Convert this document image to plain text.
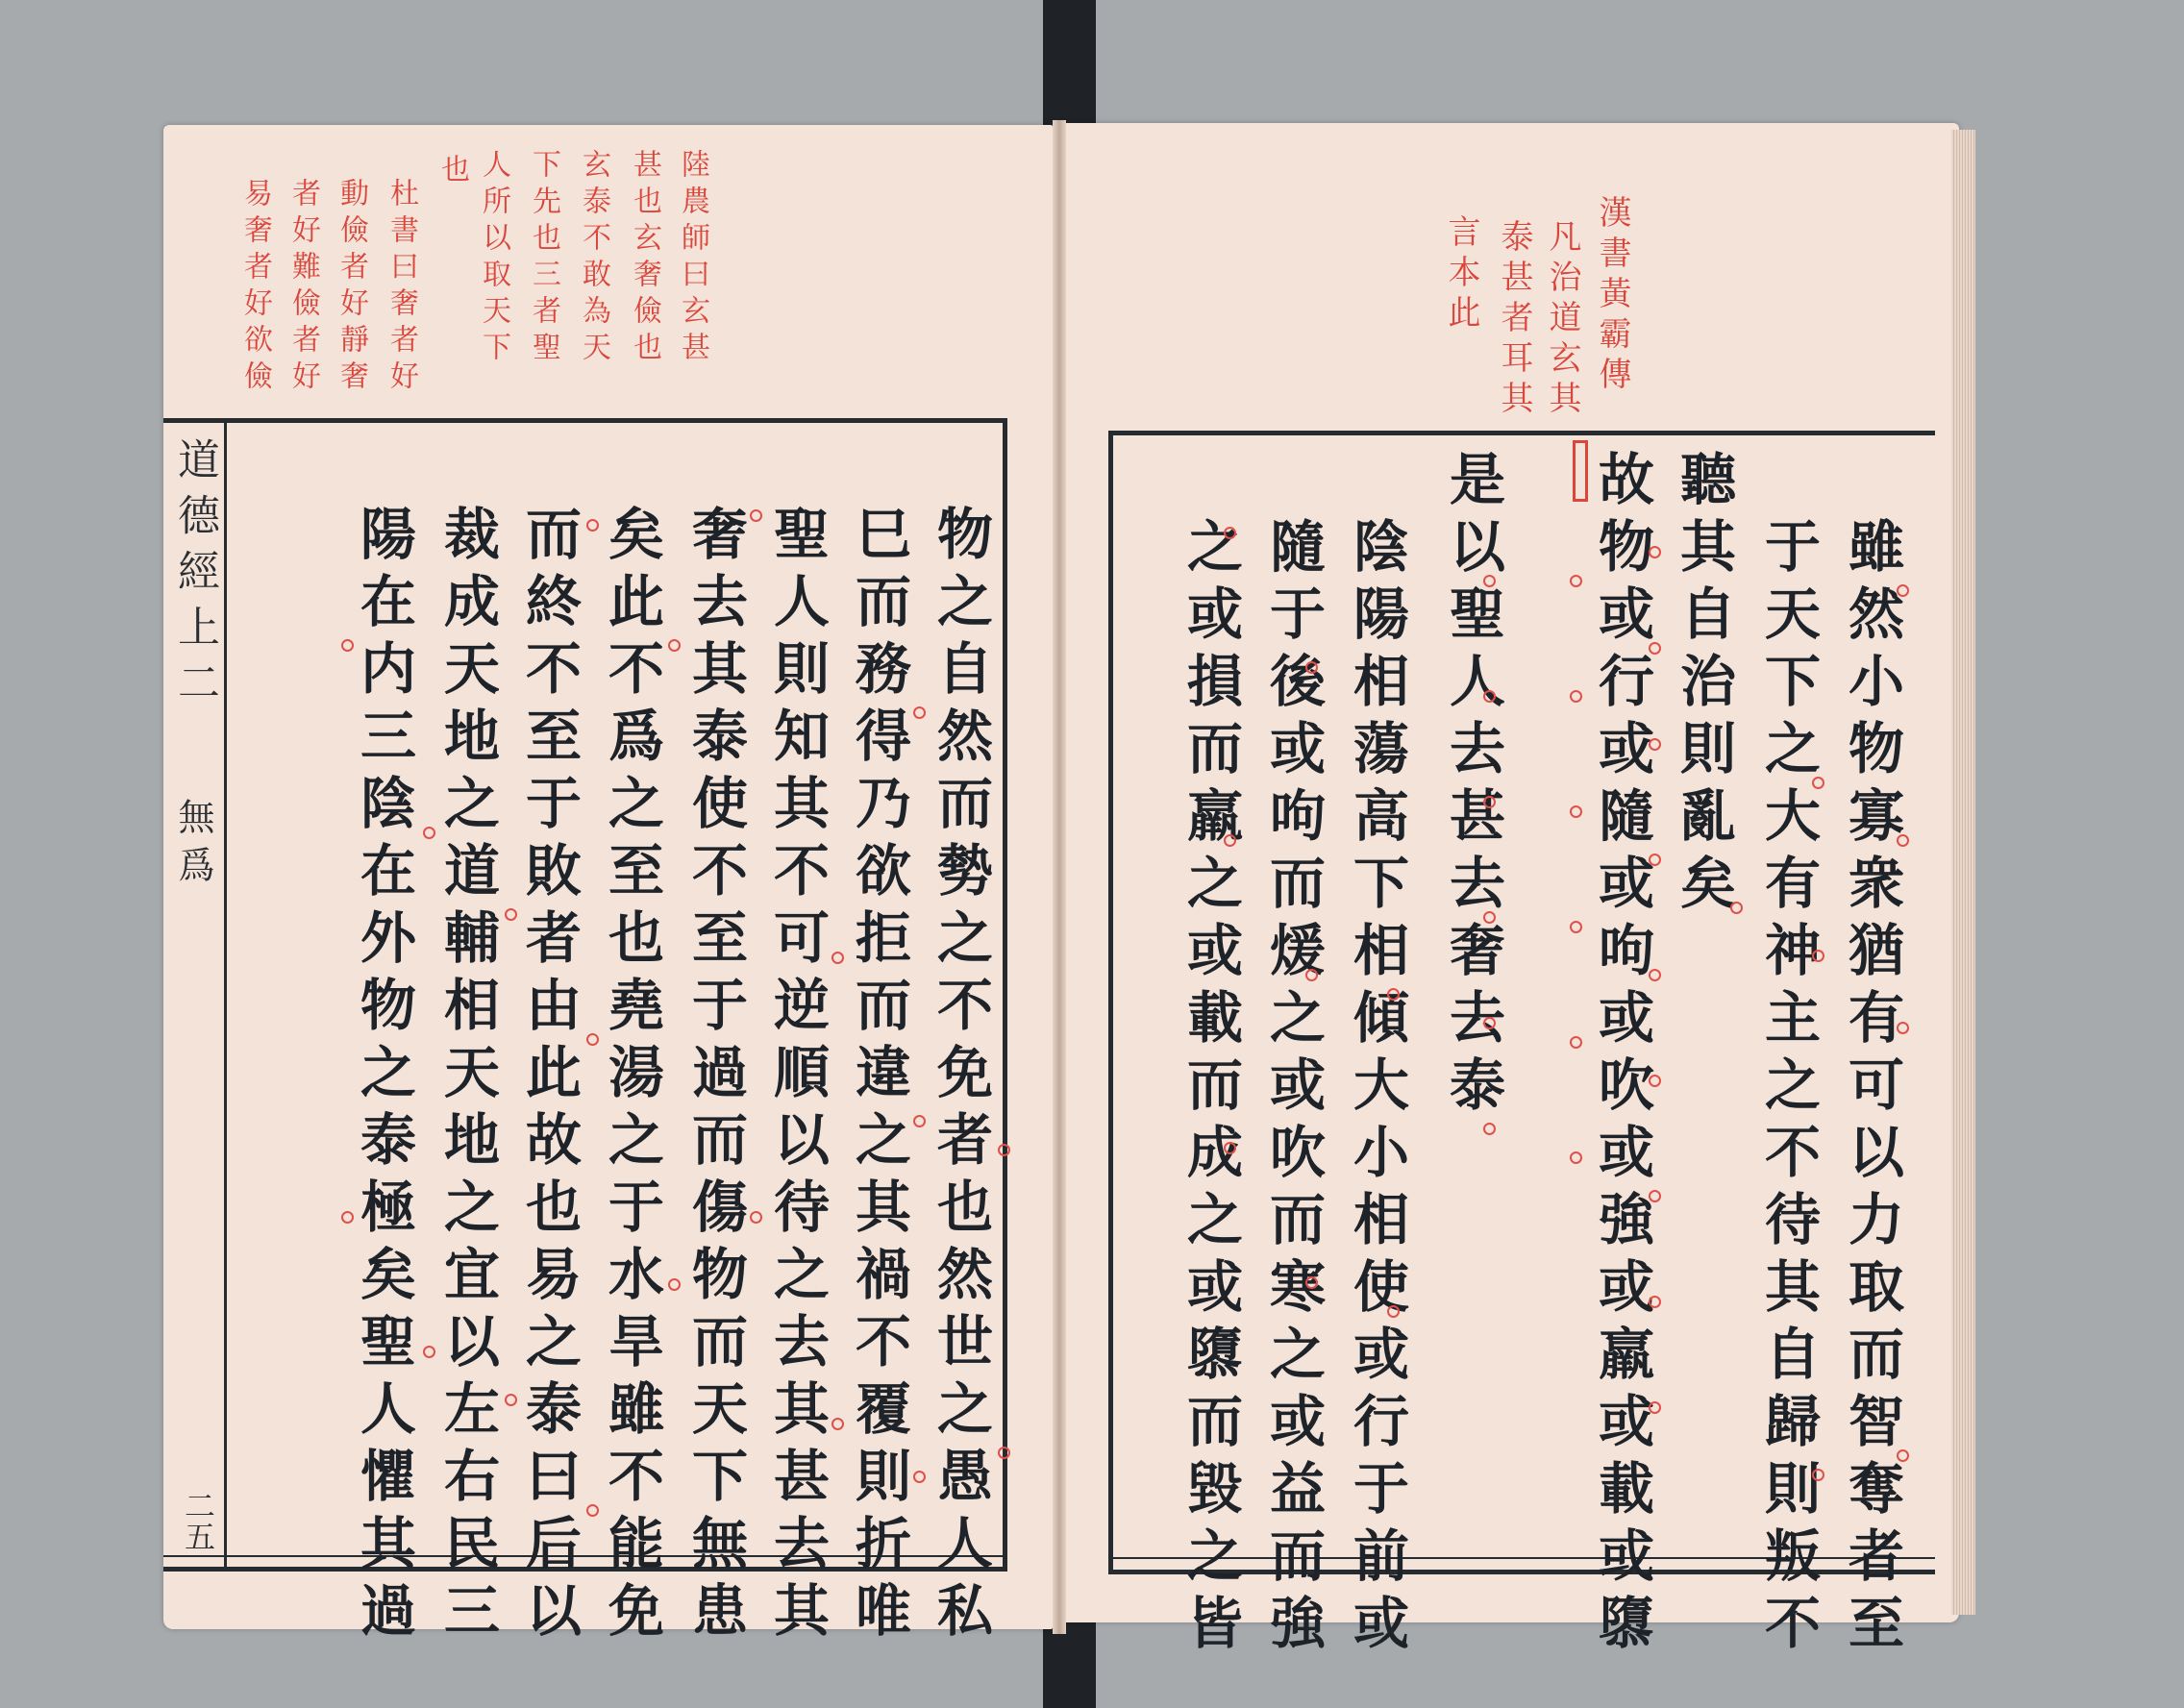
陸農師曰玄甚
甚也玄奢儉也
玄泰不敢為天
下先也三者聖
人所以取天下
也
杜書曰奢者好
動儉者好靜奢
者好難儉者好
易奢者好欲儉
道德經上二
無爲
二五	物之自然而勢之不免者也然世之愚人私
巳而務得乃欲拒而違之其禍不覆則折唯
聖人則知其不可逆順以待之去其甚去其
奢去其泰使不至于過而傷物而天下無患
矣此不爲之至也堯湯之于水旱雖不能免
而終不至于敗者由此故也易之泰曰后以
裁成天地之道輔相天地之宜以左右民三
陽在内三陰在外物之泰極矣聖人懼其過

漢書黃霸傳
凡治道玄其
泰甚者耳其
言本此
雖然小物寡衆猶有可以力取而智奪者至
于天下之大有神主之不待其自歸則叛不
聽其自治則亂矣
故物或行或隨或呴或吹或強或羸或載或隳
是以聖人去甚去奢去泰
陰陽相蕩高下相傾大小相使或行于前或
隨于後或呴而煖之或吹而寒之或益而強
之或損而羸之或載而成之或隳而毀之皆
